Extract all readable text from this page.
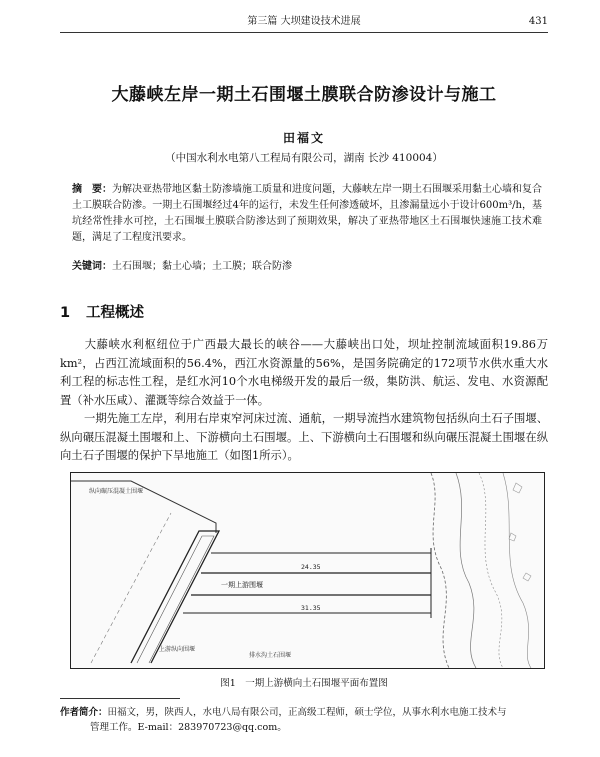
第三篇 大坝建设技术进展	431
大藤峡左岸一期土石围堰土膜联合防渗设计与施工
田福文
（中国水利水电第八工程局有限公司，湖南 长沙 410004）
摘　要：为解决亚热带地区黏土防渗墙施工质量和进度问题，大藤峡左岸一期土石围堰采用黏土心墙和复合土工膜联合防渗。一期土石围堰经过4年的运行，未发生任何渗透破坏，且渗漏量远小于设计600m³/h，基坑经常性排水可控，土石围堰土膜联合防渗达到了预期效果，解决了亚热带地区土石围堰快速施工技术难题，满足了工程度汛要求。
关键词：土石围堰；黏土心墙；土工膜；联合防渗
1 工程概述
大藤峡水利枢纽位于广西最大最长的峡谷——大藤峡出口处，坝址控制流域面积19.86万km²，占西江流域面积的56.4%，西江水资源量的56%，是国务院确定的172项节水供水重大水利工程的标志性工程，是红水河10个水电梯级开发的最后一级，集防洪、航运、发电、水资源配置（补水压咸）、灌溉等综合效益于一体。
一期先施工左岸，利用右岸束窄河床过流、通航，一期导流挡水建筑物包括纵向土石子围堰、纵向碾压混凝土围堰和上、下游横向土石围堰。上、下游横向土石围堰和纵向碾压混凝土围堰在纵向土石子围堰的保护下旱地施工（如图1所示）。
24.35
31.35
一期上游围堰
纵向碾压混凝土围堰
上游纵向围堰
排水沟土石围堰
图1　一期上游横向土石围堰平面布置图
作者简介：田福文，男，陕西人，水电八局有限公司，正高级工程师，硕士学位，从事水利水电施工技术与
管理工作。E-mail：283970723@qq.com。
